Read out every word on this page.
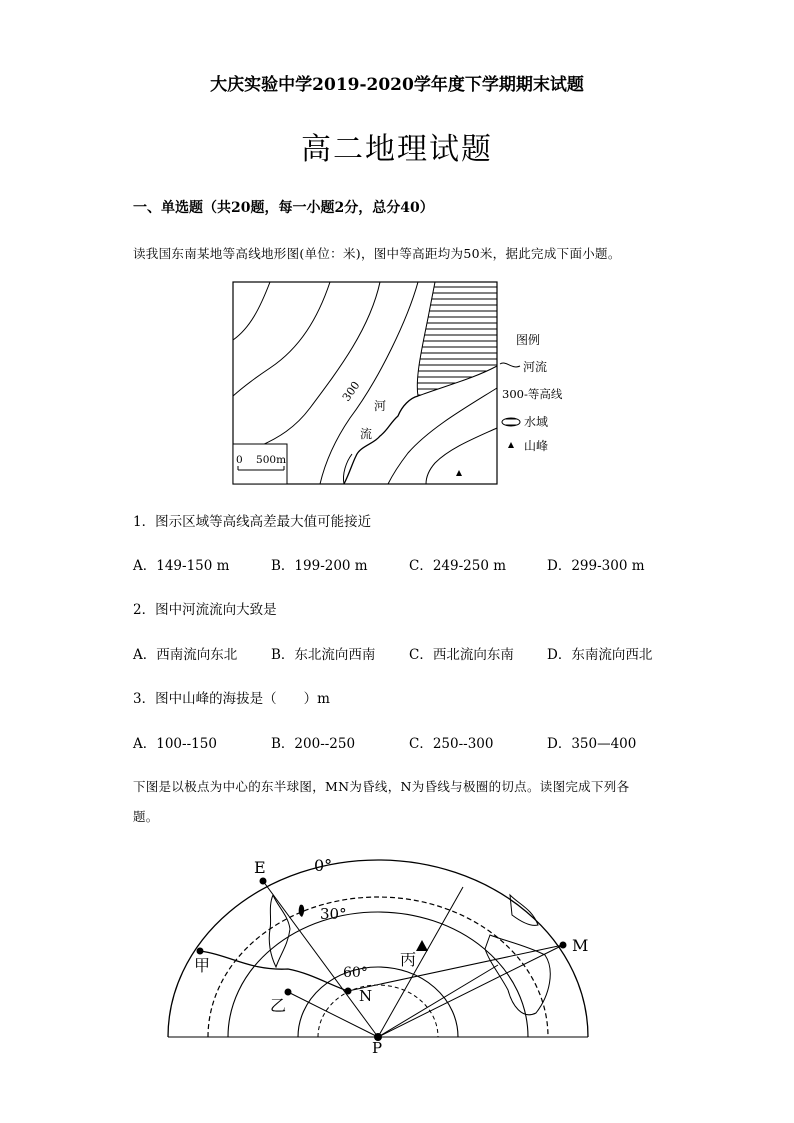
大庆实验中学2019-2020学年度下学期期末试题
高二地理试题
一、单选题（共20题，每一小题2分，总分40）
读我国东南某地等高线地形图(单位：米)，图中等高距均为50米，据此完成下面小题。
300
河
流
0    500m
图例
河流
300-等高线
水域
山峰
1．图示区域等高线高差最大值可能接近
A．149-150 m	B．199-200 m	C．249-250 m	D．299-300 m
2．图中河流流向大致是
A．西南流向东北	B．东北流向西南 C．西北流向东南 D．东南流向西北
3．图中山峰的海拔是（　　）m
A．100--150	B．200--250	C．250--300	D．350—400
下图是以极点为中心的东半球图，MN为昏线，N为昏线与极圈的切点。读图完成下列各
题。
0°
30°
60°
E
M
N
P
甲
乙
丙
